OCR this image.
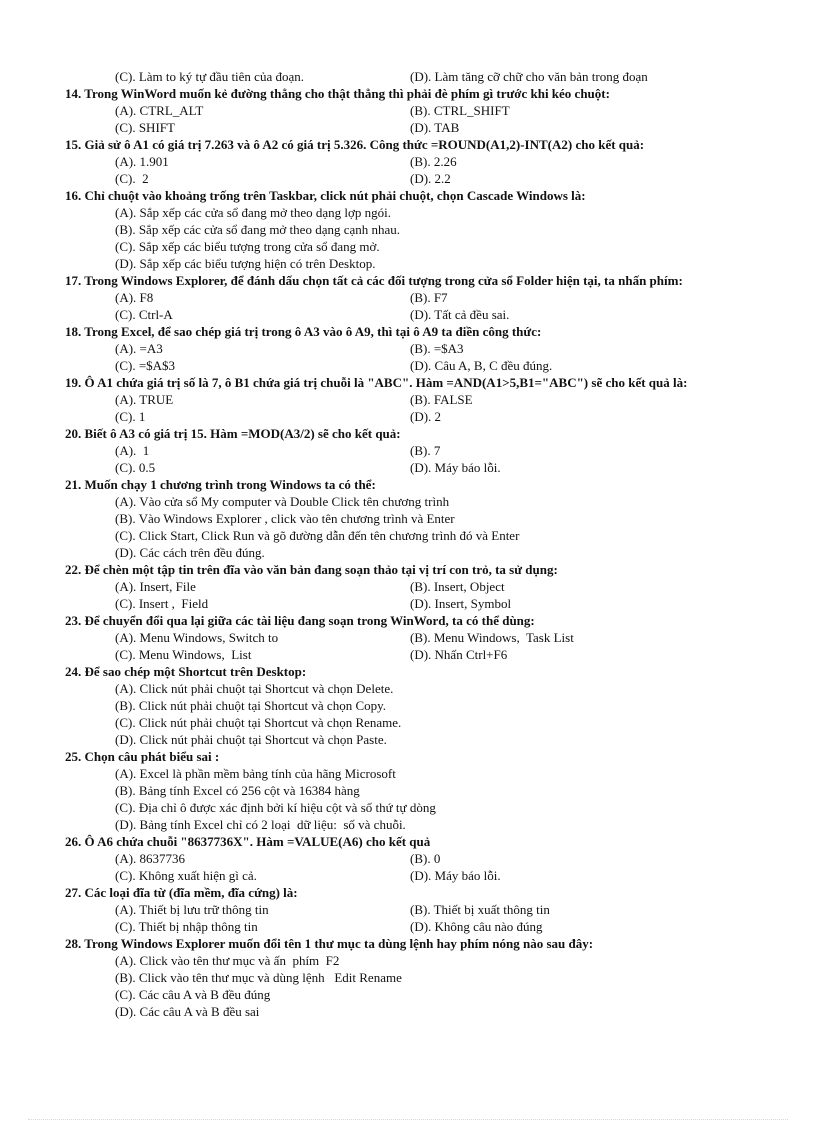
(C). Làm to ký tự đầu tiên của đoạn.	(D). Làm tăng cỡ chữ cho văn bản trong đoạn
14. Trong WinWord muốn kẻ đường thẳng cho thật thẳng thì phải đè phím gì trước khi kéo chuột:
(A). CTRL_ALT	(B). CTRL_SHIFT
(C). SHIFT	(D). TAB
15. Giả sử ô A1 có giá trị 7.263 và ô A2 có giá trị 5.326. Công thức =ROUND(A1,2)-INT(A2) cho kết quả:
(A). 1.901	(B). 2.26
(C).  2	(D). 2.2
16. Chỉ chuột vào khoảng trống trên Taskbar, click nút phải chuột, chọn Cascade Windows là:
(A). Sắp xếp các cửa sổ đang mở theo dạng lợp ngói.
(B). Sắp xếp các cửa sổ đang mở theo dạng cạnh nhau.
(C). Sắp xếp các biểu tượng trong cửa sổ đang mở.
(D). Sắp xếp các biểu tượng hiện có trên Desktop.
17. Trong Windows Explorer, để đánh dấu chọn tất cả các đối tượng trong cửa sổ Folder hiện tại, ta nhấn phím:
(A). F8	(B). F7
(C). Ctrl-A	(D). Tất cả đều sai.
18. Trong Excel, để sao chép giá trị trong ô A3 vào ô A9, thì tại ô A9 ta điền công thức:
(A). =A3	(B). =$A3
(C). =$A$3	(D). Câu A, B, C đều đúng.
19. Ô A1 chứa giá trị số là 7, ô B1 chứa giá trị chuỗi là "ABC". Hàm =AND(A1>5,B1="ABC") sẽ cho kết quả là:
(A). TRUE	(B). FALSE
(C). 1	(D). 2
20. Biết ô A3 có giá trị 15. Hàm =MOD(A3/2) sẽ cho kết quả:
(A).  1	(B). 7
(C). 0.5	(D). Máy báo lỗi.
21. Muốn chạy 1 chương trình trong Windows ta có thể:
(A). Vào cửa sổ My computer và Double Click tên chương trình
(B). Vào Windows Explorer , click vào tên chương trình và Enter
(C). Click Start, Click Run và gõ đường dẫn đến tên chương trình đó và Enter
(D). Các cách trên đều đúng.
22. Để chèn một tập tin trên đĩa vào văn bản đang soạn thảo tại vị trí con trỏ, ta sử dụng:
(A). Insert, File	(B). Insert, Object
(C). Insert ,  Field	(D). Insert, Symbol
23. Để chuyển đổi qua lại giữa các tài liệu đang soạn trong WinWord, ta có thể dùng:
(A). Menu Windows, Switch to	(B). Menu Windows,  Task List
(C). Menu Windows,  List	(D). Nhấn Ctrl+F6
24. Để sao chép một Shortcut trên Desktop:
(A). Click nút phải chuột tại Shortcut và chọn Delete.
(B). Click nút phải chuột tại Shortcut và chọn Copy.
(C). Click nút phải chuột tại Shortcut và chọn Rename.
(D). Click nút phải chuột tại Shortcut và chọn Paste.
25. Chọn câu phát biểu sai :
(A). Excel là phần mềm bảng tính của hãng Microsoft
(B). Bảng tính Excel có 256 cột và 16384 hàng
(C). Địa chỉ ô được xác định bởi kí hiệu cột và số thứ tự dòng
(D). Bảng tính Excel chỉ có 2 loại  dữ liệu:  số và chuỗi.
26. Ô A6 chứa chuỗi "8637736X". Hàm =VALUE(A6) cho kết quả
(A). 8637736	(B). 0
(C). Không xuất hiện gì cả.	(D). Máy báo lỗi.
27. Các loại đĩa từ (đĩa mềm, đĩa cứng) là:
(A). Thiết bị lưu trữ thông tin	(B). Thiết bị xuất thông tin
(C). Thiết bị nhập thông tin	(D). Không câu nào đúng
28. Trong Windows Explorer muốn đổi tên 1 thư mục ta dùng lệnh hay phím nóng nào sau đây:
(A). Click vào tên thư mục và ấn  phím  F2
(B). Click vào tên thư mục và dùng lệnh   Edit Rename
(C). Các câu A và B đều đúng
(D). Các câu A và B đều sai
